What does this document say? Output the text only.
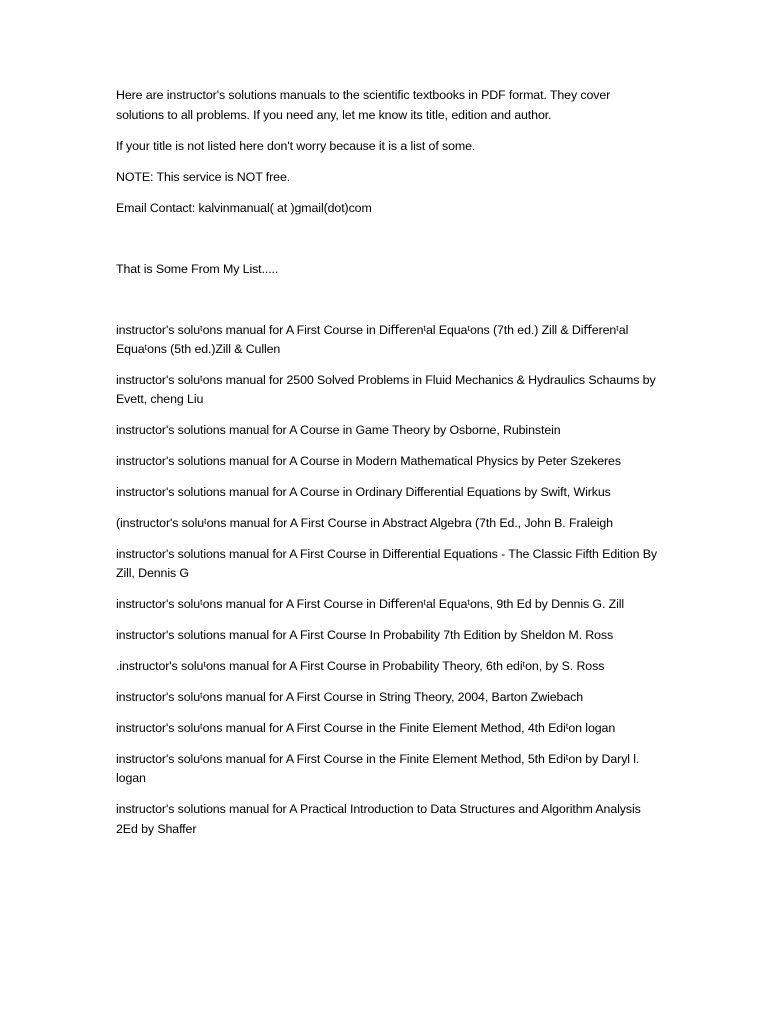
Here are instructor's solutions manuals to the scientific textbooks in PDF format. They cover solutions to all problems. If you need any, let me know its title, edition and author.

If your title is not listed here don't worry because it is a list of some.

NOTE: This service is NOT free.

Email Contact: kalvinmanual( at )gmail(dot)com

That is Some From My List.....

instructor's soluᵗons manual for A First Course in Diﬀerenᵗal Equaᵗons (7th ed.) Zill & Diﬀerenᵗal Equaᵗons (5th ed.)Zill & Cullen

instructor's soluᵗons manual for 2500 Solved Problems in Fluid Mechanics & Hydraulics Schaums by Evett, cheng Liu

instructor's solutions manual for A Course in Game Theory by Osborne, Rubinstein

instructor's solutions manual for A Course in Modern Mathematical Physics by Peter Szekeres

instructor's solutions manual for A Course in Ordinary Differential Equations by Swift, Wirkus

(instructor's soluᵗons manual for A First Course in Abstract Algebra (7th Ed., John B. Fraleigh

instructor's solutions manual for A First Course in Differential Equations - The Classic Fifth Edition By Zill, Dennis G

instructor's soluᵗons manual for A First Course in Diﬀerenᵗal Equaᵗons, 9th Ed by Dennis G. Zill

instructor's solutions manual for A First Course In Probability 7th Edition by Sheldon M. Ross

.instructor's soluᵗons manual for A First Course in Probability Theory, 6th ediᵗon, by S. Ross

instructor's soluᵗons manual for A First Course in String Theory, 2004, Barton Zwiebach

instructor's soluᵗons manual for A First Course in the Finite Element Method, 4th Ediᵗon logan

instructor's soluᵗons manual for A First Course in the Finite Element Method, 5th Ediᵗon by Daryl l. logan

instructor's solutions manual for A Practical Introduction to Data Structures and Algorithm Analysis 2Ed by Shaffer
